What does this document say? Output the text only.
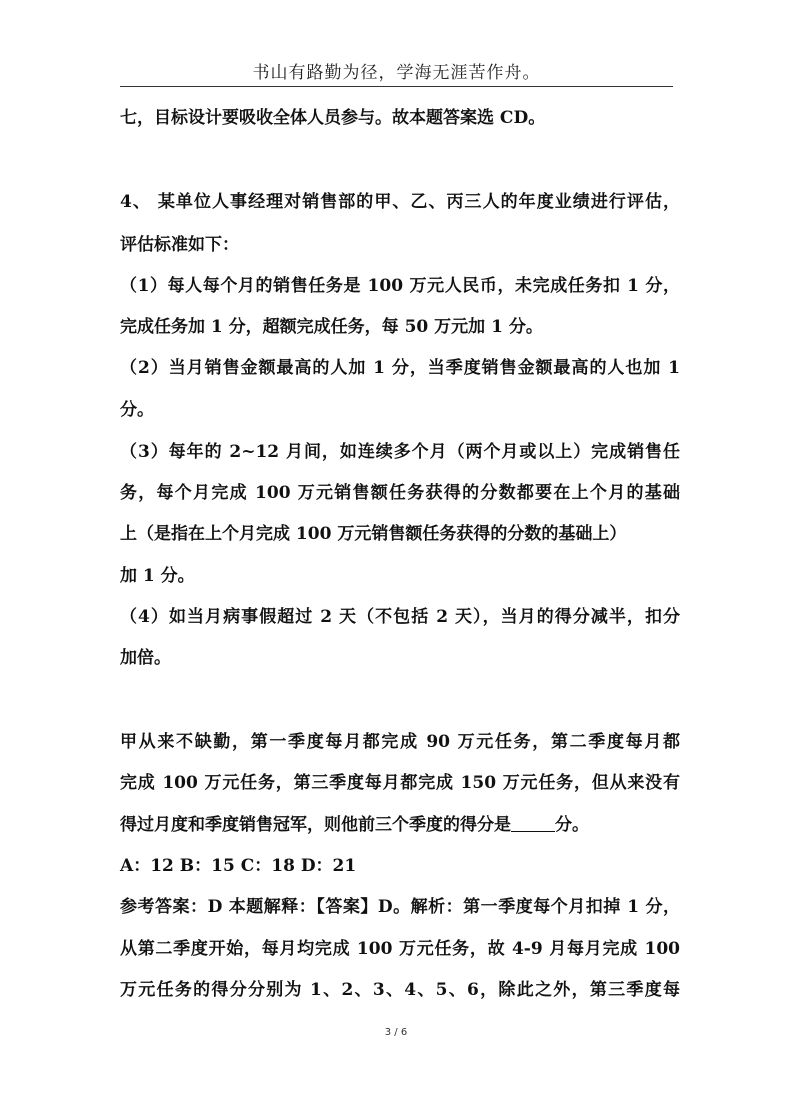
书山有路勤为径，学海无涯苦作舟。
七，目标设计要吸收全体人员参与。故本题答案选 CD。
4、 某单位人事经理对销售部的甲、乙、丙三人的年度业绩进行评估，
评估标准如下：
（1）每人每个月的销售任务是 100 万元人民币，未完成任务扣 1 分，
完成任务加 1 分，超额完成任务，每 50 万元加 1 分。
（2）当月销售金额最高的人加 1 分，当季度销售金额最高的人也加 1
分。
（3）每年的 2~12 月间，如连续多个月（两个月或以上）完成销售任
务，每个月完成 100 万元销售额任务获得的分数都要在上个月的基础
上（是指在上个月完成 100 万元销售额任务获得的分数的基础上）
加 1 分。
（4）如当月病事假超过 2 天（不包括 2 天），当月的得分减半，扣分
加倍。
甲从来不缺勤，第一季度每月都完成 90 万元任务，第二季度每月都
完成 100 万元任务，第三季度每月都完成 150 万元任务，但从来没有
得过月度和季度销售冠军，则他前三个季度的得分是	分。
A：12 B：15 C：18 D：21
参考答案：D 本题解释：【答案】D。解析：第一季度每个月扣掉 1 分，
从第二季度开始，每月均完成 100 万元任务，故 4-9 月每月完成 100
万元任务的得分分别为 1、2、3、4、5、6，除此之外，第三季度每
3 / 6
